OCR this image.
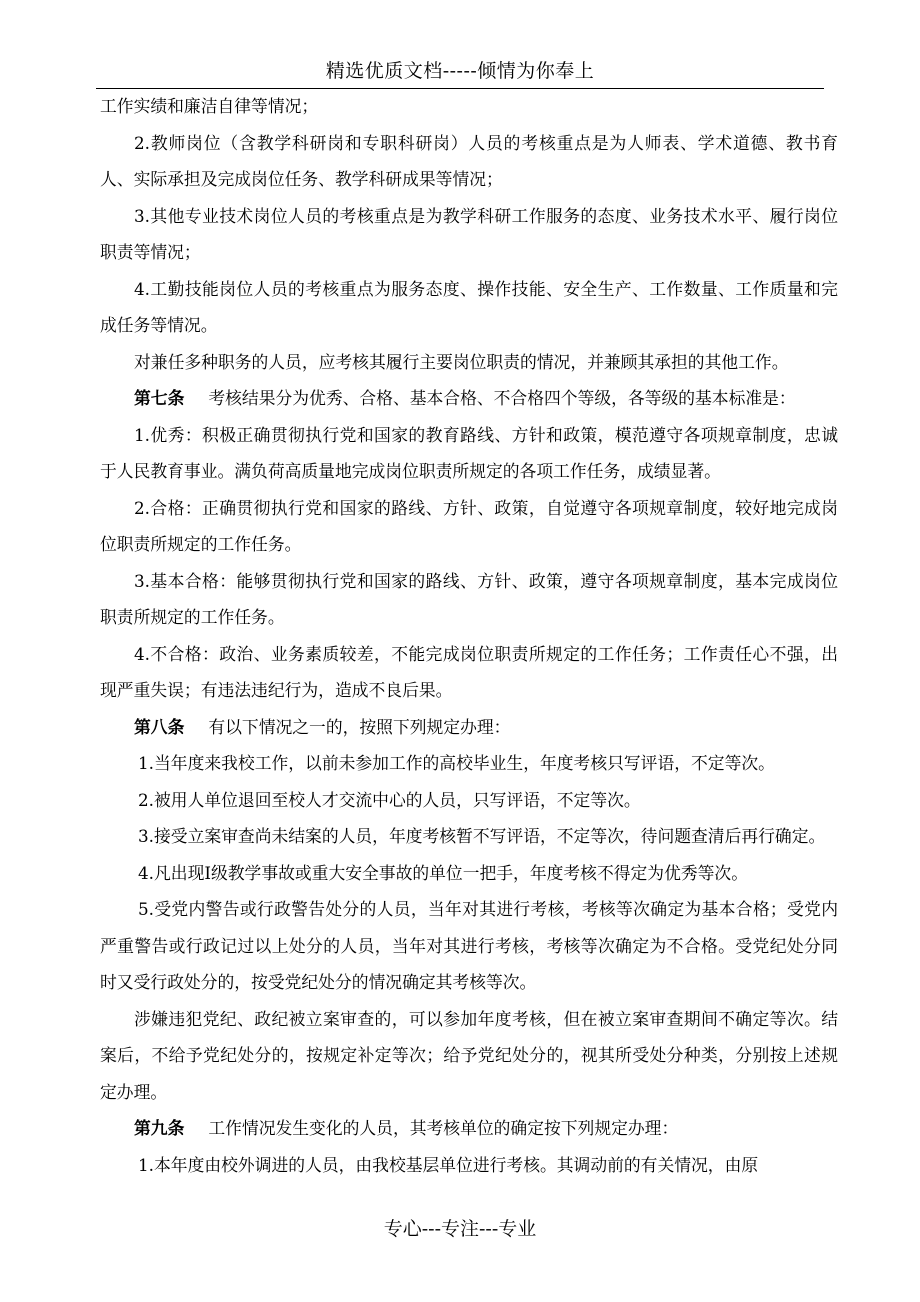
精选优质文档-----倾情为你奉上

工作实绩和廉洁自律等情况；

2.教师岗位（含教学科研岗和专职科研岗）人员的考核重点是为人师表、学术道德、教书育人、实际承担及完成岗位任务、教学科研成果等情况；

3.其他专业技术岗位人员的考核重点是为教学科研工作服务的态度、业务技术水平、履行岗位职责等情况；

4.工勤技能岗位人员的考核重点为服务态度、操作技能、安全生产、工作数量、工作质量和完成任务等情况。

对兼任多种职务的人员，应考核其履行主要岗位职责的情况，并兼顾其承担的其他工作。

第七条 考核结果分为优秀、合格、基本合格、不合格四个等级，各等级的基本标准是：

1.优秀：积极正确贯彻执行党和国家的教育路线、方针和政策，模范遵守各项规章制度，忠诚于人民教育事业。满负荷高质量地完成岗位职责所规定的各项工作任务，成绩显著。

2.合格：正确贯彻执行党和国家的路线、方针、政策，自觉遵守各项规章制度，较好地完成岗位职责所规定的工作任务。

3.基本合格：能够贯彻执行党和国家的路线、方针、政策，遵守各项规章制度，基本完成岗位职责所规定的工作任务。

4.不合格：政治、业务素质较差，不能完成岗位职责所规定的工作任务；工作责任心不强，出现严重失误；有违法违纪行为，造成不良后果。

第八条 有以下情况之一的，按照下列规定办理：

1.当年度来我校工作，以前未参加工作的高校毕业生，年度考核只写评语，不定等次。

2.被用人单位退回至校人才交流中心的人员，只写评语，不定等次。

3.接受立案审查尚未结案的人员，年度考核暂不写评语，不定等次，待问题查清后再行确定。

4.凡出现Ⅰ级教学事故或重大安全事故的单位一把手，年度考核不得定为优秀等次。

5.受党内警告或行政警告处分的人员，当年对其进行考核，考核等次确定为基本合格；受党内严重警告或行政记过以上处分的人员，当年对其进行考核，考核等次确定为不合格。受党纪处分同时又受行政处分的，按受党纪处分的情况确定其考核等次。

涉嫌违犯党纪、政纪被立案审查的，可以参加年度考核，但在被立案审查期间不确定等次。结案后，不给予党纪处分的，按规定补定等次；给予党纪处分的，视其所受处分种类，分别按上述规定办理。

第九条 工作情况发生变化的人员，其考核单位的确定按下列规定办理：

1.本年度由校外调进的人员，由我校基层单位进行考核。其调动前的有关情况，由原

专心---专注---专业
